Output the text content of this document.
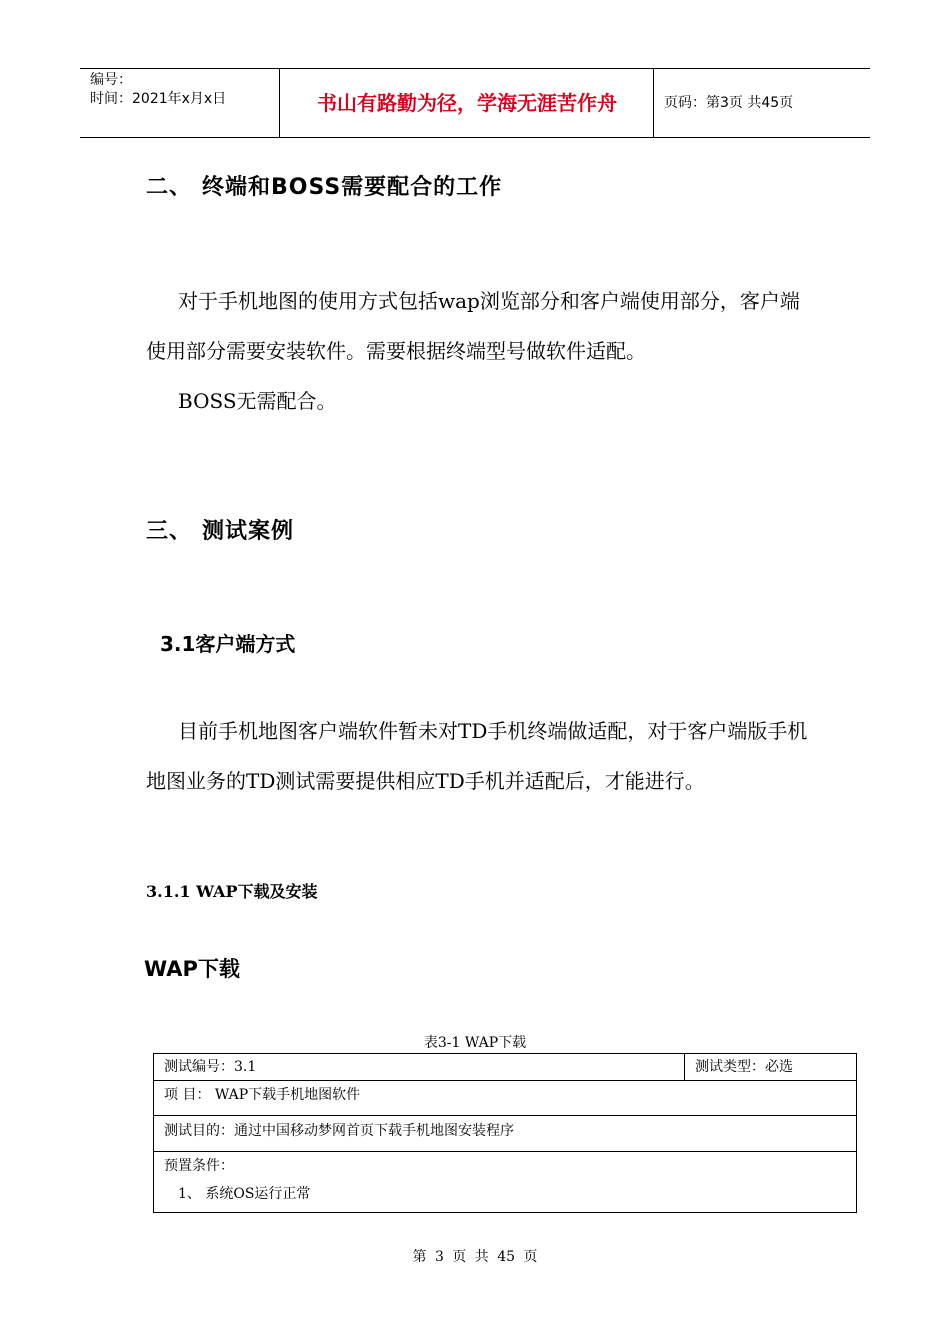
编号：
时间：2021年x月x日	书山有路勤为径，学海无涯苦作舟	页码：第3页 共45页
二、 终端和BOSS需要配合的工作
对于手机地图的使用方式包括wap浏览部分和客户端使用部分，客户端使用部分需要安装软件。需要根据终端型号做软件适配。
BOSS无需配合。
三、 测试案例
3.1客户端方式
目前手机地图客户端软件暂未对TD手机终端做适配，对于客户端版手机地图业务的TD测试需要提供相应TD手机并适配后，才能进行。
3.1.1 WAP下载及安装
WAP下载
表3-1 WAP下载
测试编号：3.1	测试类型：必选
项 目： WAP下载手机地图软件
测试目的：通过中国移动梦网首页下载手机地图安装程序
预置条件：
1、 系统OS运行正常
第 3 页 共 45 页
